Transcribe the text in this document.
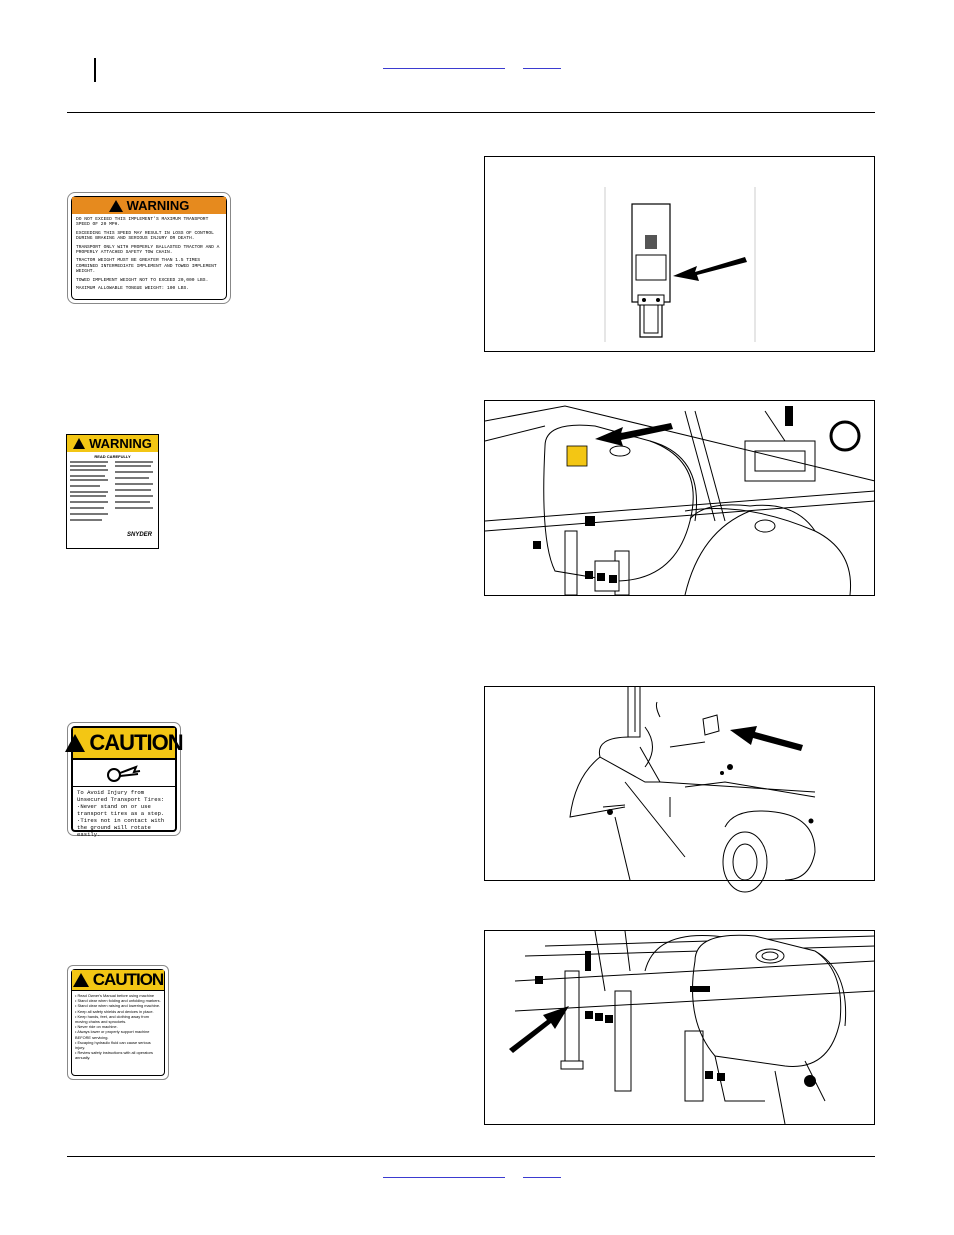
WARNING
DO NOT EXCEED THIS IMPLEMENT'S MAXIMUM TRANSPORT SPEED OF 20 MPH.
EXCEEDING THIS SPEED MAY RESULT IN LOSS OF CONTROL DURING BRAKING AND SERIOUS INJURY OR DEATH.
TRANSPORT ONLY WITH PROPERLY BALLASTED TRACTOR AND A PROPERLY ATTACHED SAFETY TOW CHAIN.
TRACTOR WEIGHT MUST BE GREATER THAN 1.5 TIMES COMBINED INTERMEDIATE IMPLEMENT AND TOWED IMPLEMENT WEIGHT.
TOWED IMPLEMENT WEIGHT NOT TO EXCEED 20,000 LBS.
MAXIMUM ALLOWABLE TONGUE WEIGHT: 100 LBS.
WARNING
READ CAREFULLY
SNYDER
CAUTION
To Avoid Injury from Unsecured Transport Tires:
·Never stand on or use transport tires as a step.
·Tires not in contact with the ground will rotate easily.
CAUTION
• Read Owner's Manual before using machine
• Stand clear when folding and unfolding markers.
• Stand clear when raising and lowering machine.
• Keep all safety shields and devices in place.
• Keep hands, feet, and clothing away from moving chains and sprockets.
• Never ride on machine.
• Always lower or properly support machine BEFORE servicing.
• Escaping hydraulic fluid can cause serious injury.
• Review safety instructions with all operators annually.
